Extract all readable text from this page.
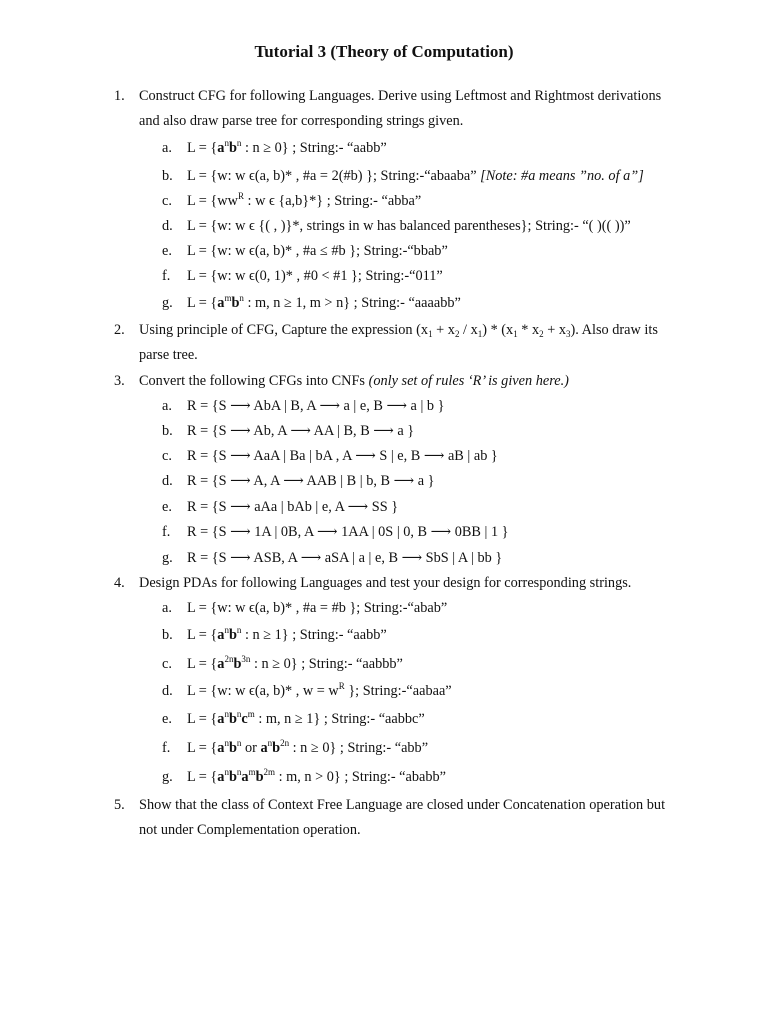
Tutorial 3 (Theory of Computation)
1. Construct CFG for following Languages. Derive using Leftmost and Rightmost derivations and also draw parse tree for corresponding strings given.
a. $L = \{a^nb^n$ : n ≥ 0} ; String:- “aabb”
b. L = {w: w ϵ(a, b)* , #a = 2(#b) }; String:-“abaaba” [Note: #a means ”no. of a”]
c. $L = \{ww^R$ : w ϵ {a,b}*} ; String:- “abba”
d. L = {w: w ϵ {( , )}*, strings in w has balanced parentheses}; String:- “( )(( ))”
e. L = {w: w ϵ(a, b)* , #a ≤ #b }; String:-“bbab”
f. L = {w: w ϵ(0, 1)* , #0 < #1 }; String:-“011”
g. $L = \{a^mb^n$ : m, n ≥ 1, m > n} ; String:- “aaaabb”
2. Using principle of CFG, Capture the expression $(x_1 + x_2 / x_1) * (x_1 * x_2 + x_3)$. Also draw its parse tree.
3. Convert the following CFGs into CNFs (only set of rules ‘R’ is given here.)
a. R = {S ⟶ AbA | B, A ⟶ a | e, B ⟶ a | b }
b. R = {S ⟶ Ab, A ⟶ AA | B, B ⟶ a }
c. R = {S ⟶ AaA | Ba | bA , A ⟶ S | e, B ⟶ aB | ab }
d. R = {S ⟶ A, A ⟶ AAB | B | b, B ⟶ a }
e. R = {S ⟶ aAa | bAb | e, A ⟶ SS }
f. R = {S ⟶ 1A | 0B, A ⟶ 1AA | 0S | 0, B ⟶ 0BB | 1 }
g. R = {S ⟶ ASB, A ⟶ aSA | a | e, B ⟶ SbS | A | bb }
4. Design PDAs for following Languages and test your design for corresponding strings.
a. L = {w: w ϵ(a, b)* , #a = #b }; String:-“abab”
b. $L = \{a^nb^n$ : n ≥ 1} ; String:- “aabb”
c. $L = \{a^{2n}b^{3n}$ : n ≥ 0} ; String:- “aabbb”
d. L = {w: w ϵ(a, b)* , $w = w^R$ }; String:-“aabaa”
e. $L = \{a^nb^nc^m$ : m, n ≥ 1} ; String:- “aabbc”
f. $L = \{a^nb^n$ or $a^nb^{2n}$ : n ≥ 0} ; String:- “abb”
g. $L = \{a^nb^na^mb^{2m}$ : m, n > 0} ; String:- “ababb”
5. Show that the class of Context Free Language are closed under Concatenation operation but not under Complementation operation.
